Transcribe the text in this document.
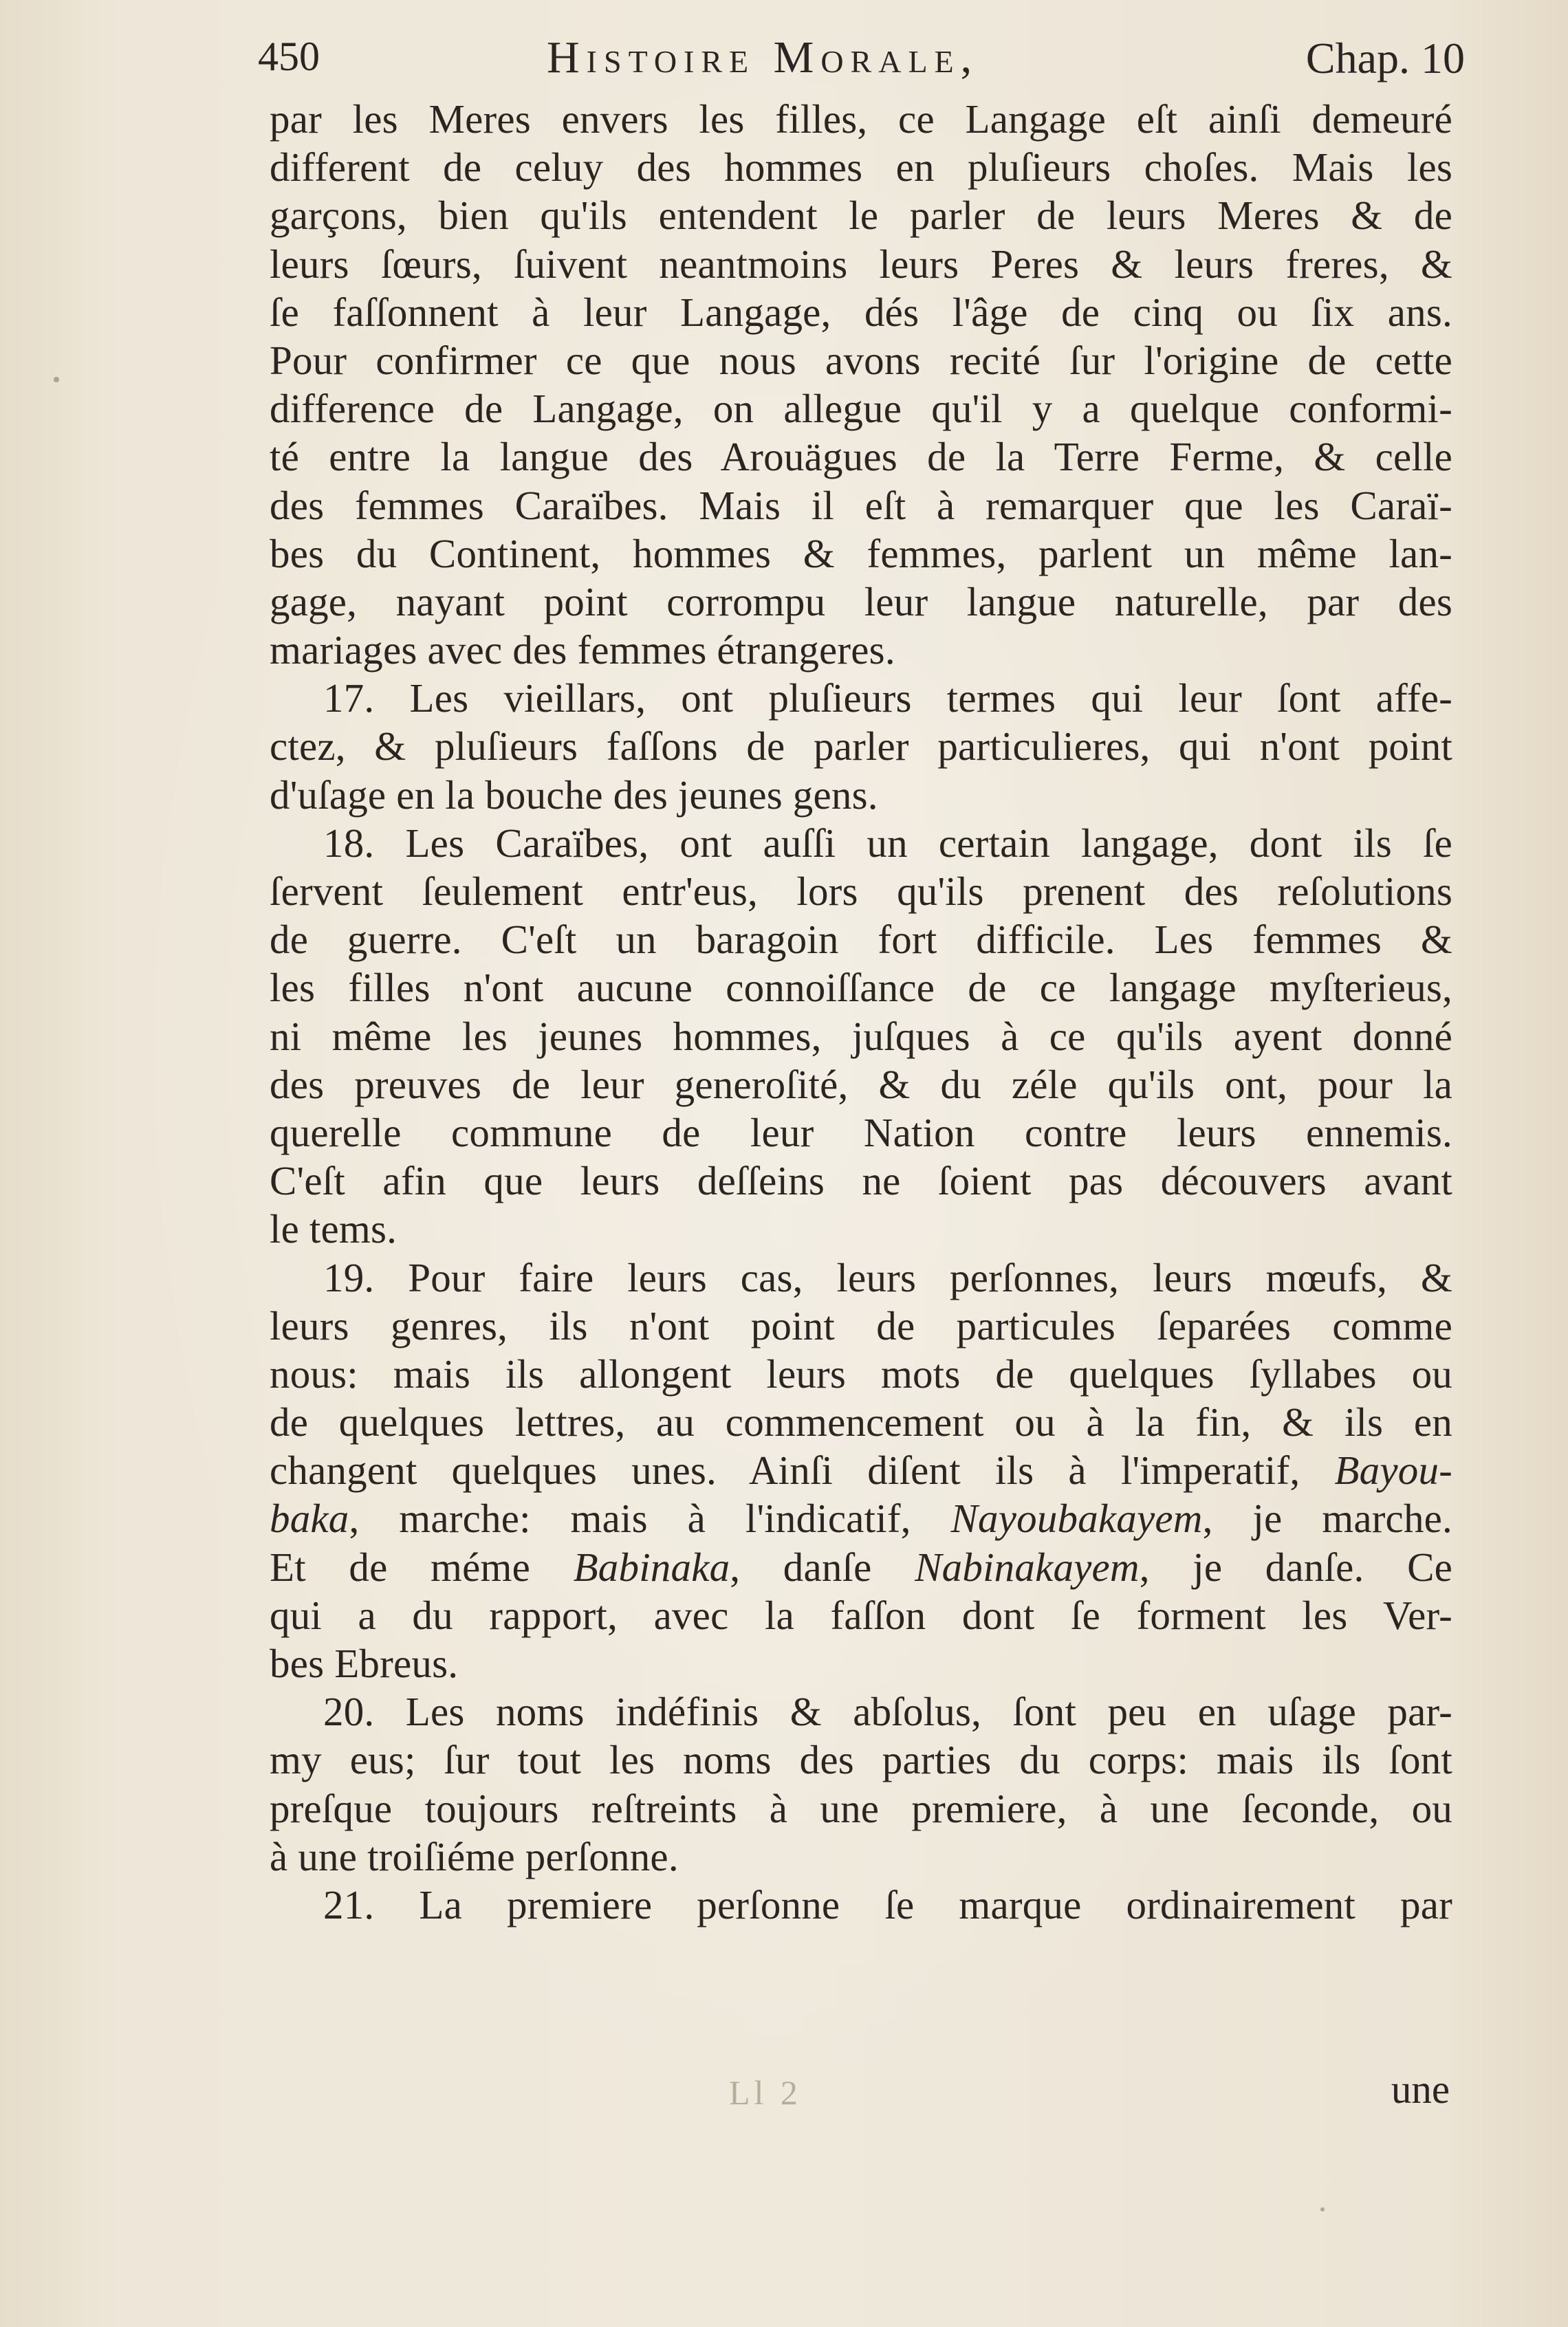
450	Histoire Morale,	Chap. 10
par les Meres envers les filles, ce Langage eſt ainſi demeuré
different de celuy des hommes en pluſieurs choſes. Mais les
garçons, bien qu'ils entendent le parler de leurs Meres & de
leurs ſœurs, ſuivent neantmoins leurs Peres & leurs freres, &
ſe faſſonnent à leur Langage, dés l'âge de cinq ou ſix ans.
Pour confirmer ce que nous avons recité ſur l'origine de cette
difference de Langage, on allegue qu'il y a quelque conformi-
té entre la langue des Arouägues de la Terre Ferme, & celle
des femmes Caraïbes. Mais il eſt à remarquer que les Caraï-
bes du Continent, hommes & femmes, parlent un même lan-
gage, nayant point corrompu leur langue naturelle, par des
mariages avec des femmes étrangeres.
17. Les vieillars, ont pluſieurs termes qui leur ſont affe-
ctez, & pluſieurs faſſons de parler particulieres, qui n'ont point
d'uſage en la bouche des jeunes gens.
18. Les Caraïbes, ont auſſi un certain langage, dont ils ſe
ſervent ſeulement entr'eus, lors qu'ils prenent des reſolutions
de guerre. C'eſt un baragoin fort difficile. Les femmes &
les filles n'ont aucune connoiſſance de ce langage myſterieus,
ni même les jeunes hommes, juſques à ce qu'ils ayent donné
des preuves de leur generoſité, & du zéle qu'ils ont, pour la
querelle commune de leur Nation contre leurs ennemis.
C'eſt afin que leurs deſſeins ne ſoient pas découvers avant
le tems.
19. Pour faire leurs cas, leurs perſonnes, leurs mœufs, &
leurs genres, ils n'ont point de particules ſeparées comme
nous: mais ils allongent leurs mots de quelques ſyllabes ou
de quelques lettres, au commencement ou à la fin, & ils en
changent quelques unes. Ainſi diſent ils à l'imperatif, Bayou-
baka, marche: mais à l'indicatif, Nayoubakayem, je marche.
Et de méme Babinaka, danſe Nabinakayem, je danſe. Ce
qui a du rapport, avec la faſſon dont ſe forment les Ver-
bes Ebreus.
20. Les noms indéfinis & abſolus, ſont peu en uſage par-
my eus; ſur tout les noms des parties du corps: mais ils ſont
preſque toujours reſtreints à une premiere, à une ſeconde, ou
à une troiſiéme perſonne.
21. La premiere perſonne ſe marque ordinairement par
Ll 2	une
